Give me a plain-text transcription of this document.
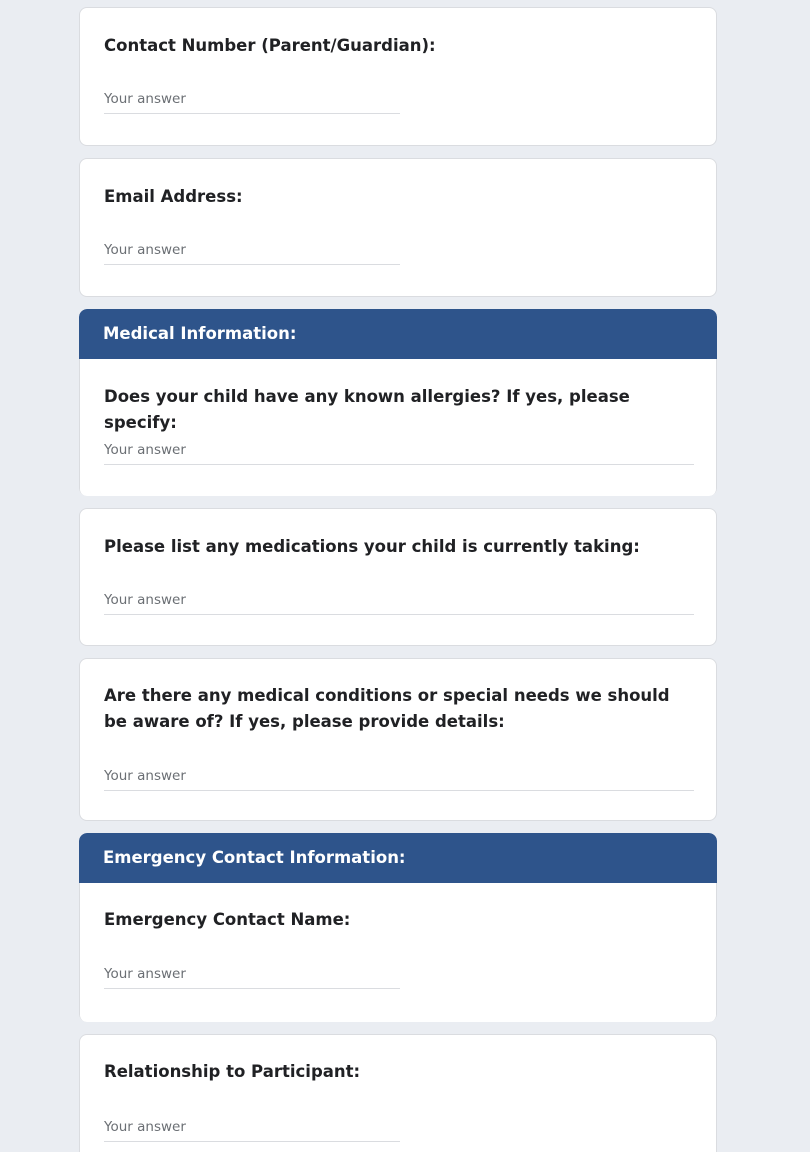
Contact Number (Parent/Guardian):
Your answer
Email Address:
Your answer
Medical Information:
Does your child have any known allergies? If yes, please specify:
Your answer
Please list any medications your child is currently taking:
Your answer
Are there any medical conditions or special needs we should be aware of? If yes, please provide details:
Your answer
Emergency Contact Information:
Emergency Contact Name:
Your answer
Relationship to Participant:
Your answer
